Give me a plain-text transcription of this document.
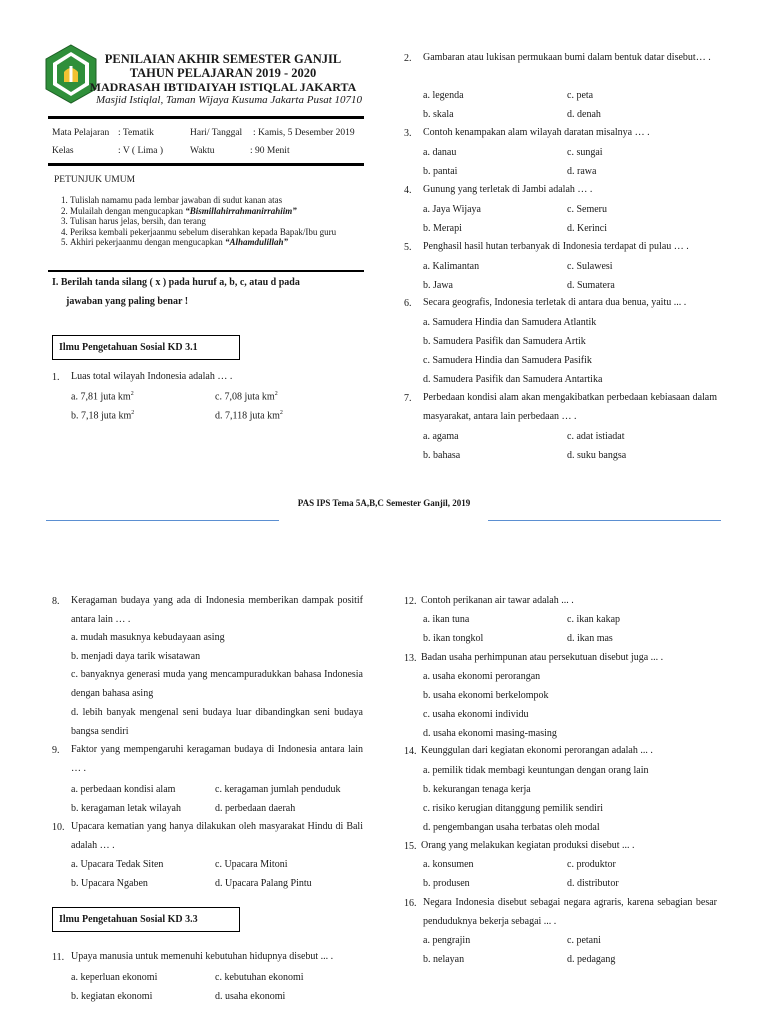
PENILAIAN AKHIR SEMESTER GANJIL
TAHUN PELAJARAN 2019 - 2020
MADRASAH IBTIDAIYAH ISTIQLAL JAKARTA
Masjid Istiqlal, Taman Wijaya Kusuma Jakarta Pusat 10710
Mata Pelajaran : Tematik	Hari/ Tanggal : Kamis, 5 Desember 2019
Kelas	: V ( Lima )	Waktu	: 90 Menit
PETUNJUK UMUM
1. Tulislah namamu pada lembar jawaban di sudut kanan atas
2. Mulailah dengan mengucapkan “Bismillahirrahmanirrahiim”
3. Tulisan harus jelas, bersih, dan terang
4. Periksa kembali pekerjaanmu sebelum diserahkan kepada Bapak/Ibu guru
5. Akhiri pekerjaanmu dengan mengucapkan “Alhamdulillah”
I. Berilah tanda silang ( x ) pada huruf a, b, c, atau d pada
jawaban yang paling benar !
Ilmu Pengetahuan Sosial KD 3.1
1. Luas total wilayah Indonesia adalah … .
a. 7,81 juta $km^2$	c. 7,08 juta $km^2$
b. 7,18 juta $km^2$	d. 7,118 juta $km^2$
2. Gambaran atau lukisan permukaan bumi dalam bentuk datar disebut… .
a. legenda	c. peta
b. skala	d. denah
3. Contoh kenampakan alam wilayah daratan misalnya … .
a. danau	c. sungai
b. pantai	d. rawa
4. Gunung yang terletak di Jambi adalah … .
a. Jaya Wijaya	c. Semeru
b. Merapi	d. Kerinci
5. Penghasil hasil hutan terbanyak di Indonesia terdapat di pulau … .
a. Kalimantan	c. Sulawesi
b. Jawa	d. Sumatera
6. Secara geografis, Indonesia terletak di antara dua benua, yaitu ... .
a. Samudera Hindia dan Samudera Atlantik
b. Samudera Pasifik dan Samudera Artik
c. Samudera Hindia dan Samudera Pasifik
d. Samudera Pasifik dan Samudera Antartika
7. Perbedaan kondisi alam akan mengakibatkan perbedaan kebiasaan dalam masyarakat, antara lain perbedaan … .
a. agama	c. adat istiadat
b. bahasa	d. suku bangsa
PAS IPS Tema 5A,B,C Semester Ganjil, 2019
8. Keragaman budaya yang ada di Indonesia memberikan dampak positif antara lain … .
a. mudah masuknya kebudayaan asing
b. menjadi daya tarik wisatawan
c. banyaknya generasi muda yang mencampuradukkan bahasa Indonesia dengan bahasa asing
d. lebih banyak mengenal seni budaya luar dibandingkan seni budaya bangsa sendiri
9. Faktor yang mempengaruhi keragaman budaya di Indonesia antara lain … .
a. perbedaan kondisi alam	c. keragaman jumlah penduduk
b. keragaman letak wilayah	d. perbedaan daerah
10. Upacara kematian yang hanya dilakukan oleh masyarakat Hindu di Bali adalah … .
a. Upacara Tedak Siten	c. Upacara Mitoni
b. Upacara Ngaben	d. Upacara Palang Pintu
Ilmu Pengetahuan Sosial KD 3.3
11. Upaya manusia untuk memenuhi kebutuhan hidupnya disebut ... .
a. keperluan ekonomi	c. kebutuhan ekonomi
b. kegiatan ekonomi	d. usaha ekonomi
12. Contoh perikanan air tawar adalah ... .
a. ikan tuna	c. ikan kakap
b. ikan tongkol	d. ikan mas
13. Badan usaha perhimpunan atau persekutuan disebut juga ... .
a. usaha ekonomi perorangan
b. usaha ekonomi berkelompok
c. usaha ekonomi individu
d. usaha ekonomi masing-masing
14. Keunggulan dari kegiatan ekonomi perorangan adalah ... .
a. pemilik tidak membagi keuntungan dengan orang lain
b. kekurangan tenaga kerja
c. risiko kerugian ditanggung pemilik sendiri
d. pengembangan usaha terbatas oleh modal
15. Orang yang melakukan kegiatan produksi disebut ... .
a. konsumen	c. produktor
b. produsen	d. distributor
16. Negara Indonesia disebut sebagai negara agraris, karena sebagian besar penduduknya bekerja sebagai ... .
a. pengrajin	c. petani
b. nelayan	d. pedagang
